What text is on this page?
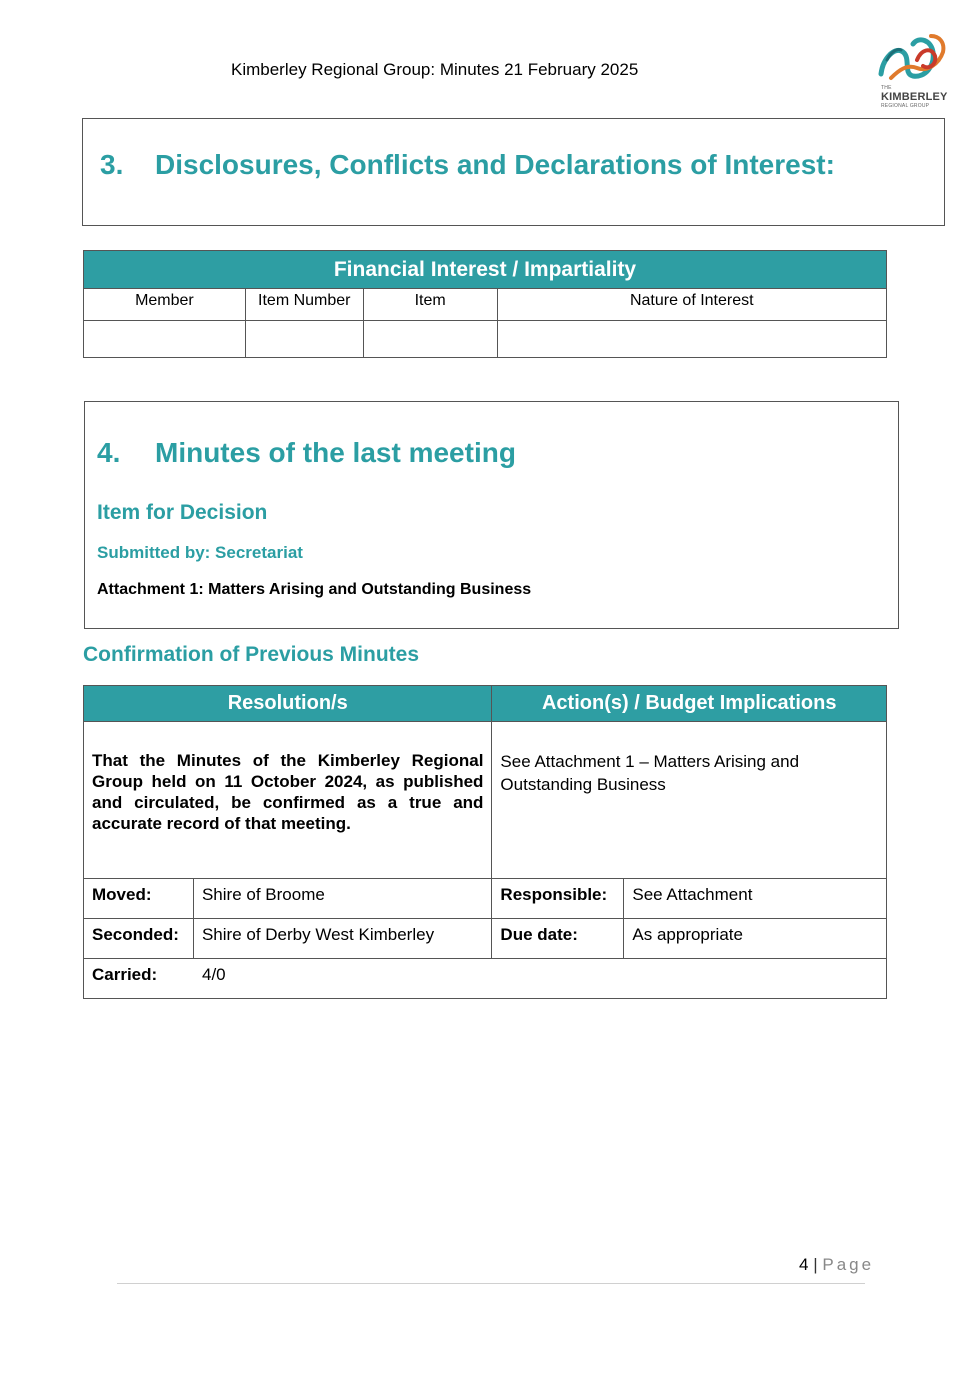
Kimberley Regional Group: Minutes 21 February 2025
THE
KIMBERLEY
REGIONAL GROUP
3. Disclosures, Conflicts and Declarations of Interest:
Financial Interest / Impartiality			
Member	Item Number	Item	Nature of Interest

4. Minutes of the last meeting
Item for Decision
Submitted by: Secretariat
Attachment 1: Matters Arising and Outstanding Business
Confirmation of Previous Minutes
Resolution/s		Action(s) / Budget Implications	
That the Minutes of the Kimberley Regional Group held on 11 October 2024, as published and circulated, be confirmed as a true and accurate record of that meeting.		See Attachment 1 – Matters Arising and Outstanding Business	
Moved:	Shire of Broome	Responsible:	See Attachment
Seconded:	Shire of Derby West Kimberley	Due date:	As appropriate
Carried: 4/0			
4 | Page
